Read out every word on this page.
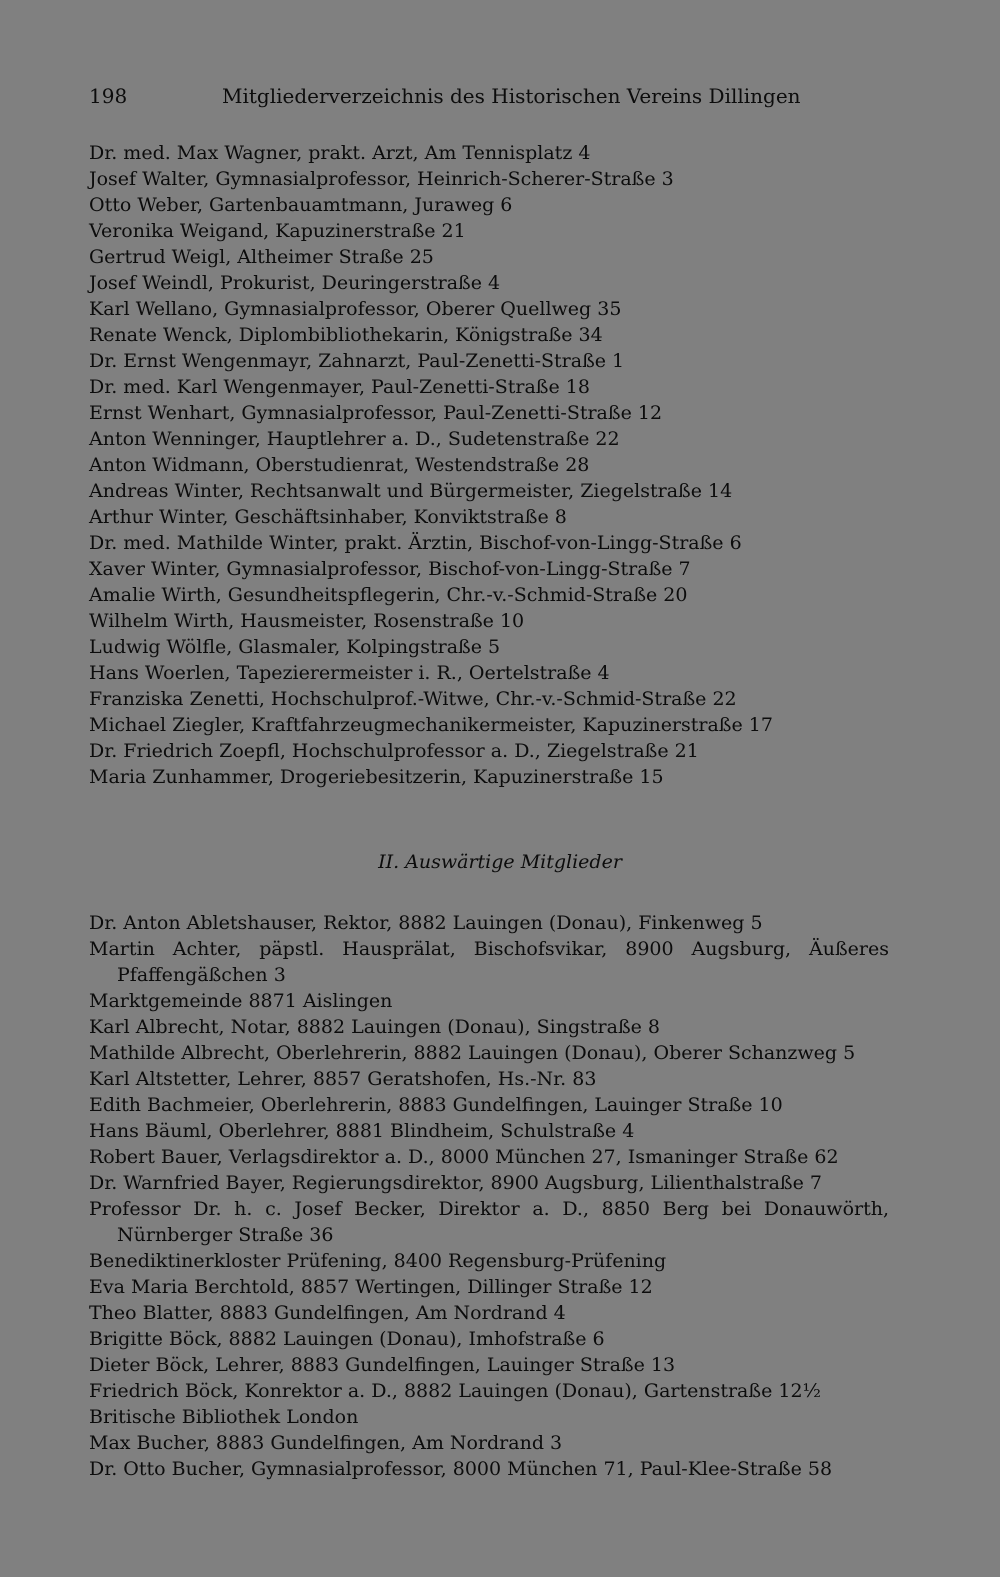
198	Mitgliederverzeichnis des Historischen Vereins Dillingen
Dr. med. Max Wagner, prakt. Arzt, Am Tennisplatz 4
Josef Walter, Gymnasialprofessor, Heinrich-Scherer-Straße 3
Otto Weber, Gartenbauamtmann, Juraweg 6
Veronika Weigand, Kapuzinerstraße 21
Gertrud Weigl, Altheimer Straße 25
Josef Weindl, Prokurist, Deuringerstraße 4
Karl Wellano, Gymnasialprofessor, Oberer Quellweg 35
Renate Wenck, Diplombibliothekarin, Königstraße 34
Dr. Ernst Wengenmayr, Zahnarzt, Paul-Zenetti-Straße 1
Dr. med. Karl Wengenmayer, Paul-Zenetti-Straße 18
Ernst Wenhart, Gymnasialprofessor, Paul-Zenetti-Straße 12
Anton Wenninger, Hauptlehrer a. D., Sudetenstraße 22
Anton Widmann, Oberstudienrat, Westendstraße 28
Andreas Winter, Rechtsanwalt und Bürgermeister, Ziegelstraße 14
Arthur Winter, Geschäftsinhaber, Konviktstraße 8
Dr. med. Mathilde Winter, prakt. Ärztin, Bischof-von-Lingg-Straße 6
Xaver Winter, Gymnasialprofessor, Bischof-von-Lingg-Straße 7
Amalie Wirth, Gesundheitspflegerin, Chr.-v.-Schmid-Straße 20
Wilhelm Wirth, Hausmeister, Rosenstraße 10
Ludwig Wölfle, Glasmaler, Kolpingstraße 5
Hans Woerlen, Tapezierermeister i. R., Oertelstraße 4
Franziska Zenetti, Hochschulprof.-Witwe, Chr.-v.-Schmid-Straße 22
Michael Ziegler, Kraftfahrzeugmechanikermeister, Kapuzinerstraße 17
Dr. Friedrich Zoepfl, Hochschulprofessor a. D., Ziegelstraße 21
Maria Zunhammer, Drogeriebesitzerin, Kapuzinerstraße 15
II. Auswärtige Mitglieder
Dr. Anton Abletshauser, Rektor, 8882 Lauingen (Donau), Finkenweg 5
Martin Achter, päpstl. Hausprälat, Bischofsvikar, 8900 Augsburg, Äußeres Pfaffengäßchen 3
Marktgemeinde 8871 Aislingen
Karl Albrecht, Notar, 8882 Lauingen (Donau), Singstraße 8
Mathilde Albrecht, Oberlehrerin, 8882 Lauingen (Donau), Oberer Schanzweg 5
Karl Altstetter, Lehrer, 8857 Geratshofen, Hs.-Nr. 83
Edith Bachmeier, Oberlehrerin, 8883 Gundelfingen, Lauinger Straße 10
Hans Bäuml, Oberlehrer, 8881 Blindheim, Schulstraße 4
Robert Bauer, Verlagsdirektor a. D., 8000 München 27, Ismaninger Straße 62
Dr. Warnfried Bayer, Regierungsdirektor, 8900 Augsburg, Lilienthalstraße 7
Professor Dr. h. c. Josef Becker, Direktor a. D., 8850 Berg bei Donauwörth, Nürnberger Straße 36
Benediktinerkloster Prüfening, 8400 Regensburg-Prüfening
Eva Maria Berchtold, 8857 Wertingen, Dillinger Straße 12
Theo Blatter, 8883 Gundelfingen, Am Nordrand 4
Brigitte Böck, 8882 Lauingen (Donau), Imhofstraße 6
Dieter Böck, Lehrer, 8883 Gundelfingen, Lauinger Straße 13
Friedrich Böck, Konrektor a. D., 8882 Lauingen (Donau), Gartenstraße 12½
Britische Bibliothek London
Max Bucher, 8883 Gundelfingen, Am Nordrand 3
Dr. Otto Bucher, Gymnasialprofessor, 8000 München 71, Paul-Klee-Straße 58
